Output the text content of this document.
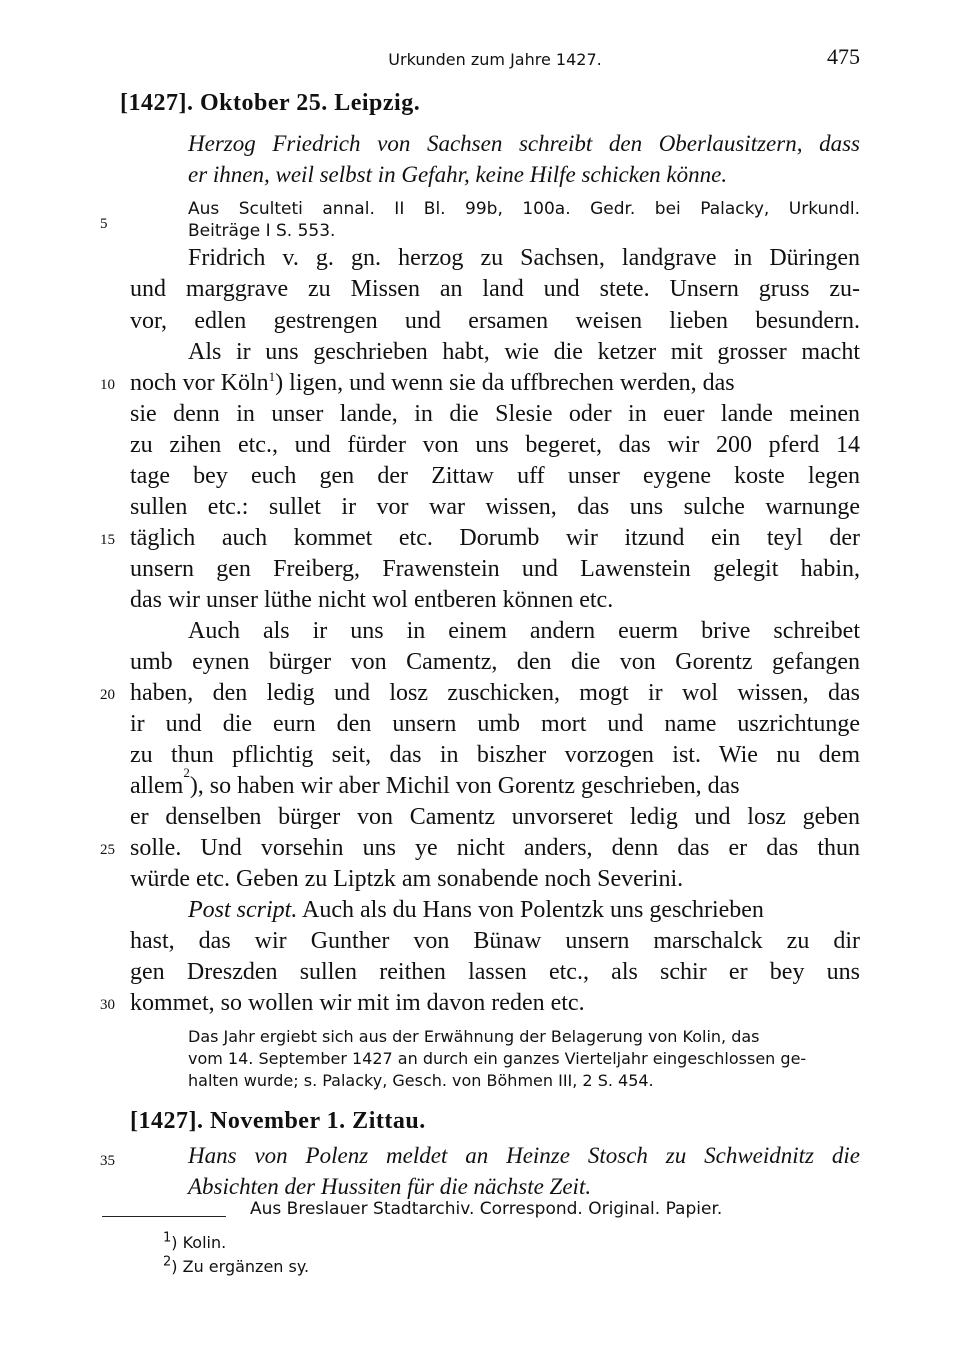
Urkunden zum Jahre 1427.	475
[1427]. Oktober 25. Leipzig.
Herzog Friedrich von Sachsen schreibt den Oberlausitzern, dass
er ihnen, weil selbst in Gefahr, keine Hilfe schicken könne.
Aus Sculteti annal. II Bl. 99b, 100a. Gedr. bei Palacky, Urkundl.
Beiträge I S. 553.
5
Fridrich v. g. gn. herzog zu Sachsen, landgrave in Düringen
und marggrave zu Missen an land und stete. Unsern gruss zu-
vor, edlen gestrengen und ersamen weisen lieben besundern.
Als ir uns geschrieben habt, wie die ketzer mit grosser macht
10 noch vor Köln$^1$) ligen, und wenn sie da uffbrechen werden, das
sie denn in unser lande, in die Slesie oder in euer lande meinen
zu zihen etc., und fürder von uns begeret, das wir 200 pferd 14
tage bey euch gen der Zittaw uff unser eygene koste legen
sullen etc.: sullet ir vor war wissen, das uns sulche warnunge
15 täglich auch kommet etc. Dorumb wir itzund ein teyl der
unsern gen Freiberg, Frawenstein und Lawenstein gelegit habin,
das wir unser lüthe nicht wol entberen können etc.
Auch als ir uns in einem andern euerm brive schreibet
umb eynen bürger von Camentz, den die von Gorentz gefangen
20 haben, den ledig und losz zuschicken, mogt ir wol wissen, das
ir und die eurn den unsern umb mort und name uszrichtunge
zu thun pflichtig seit, das in biszher vorzogen ist. Wie nu dem
allem
2
), so haben wir aber Michil von Gorentz geschrieben, das
er denselben bürger von Camentz unvorseret ledig und losz geben
25 solle. Und vorsehin uns ye nicht anders, denn das er das thun
würde etc. Geben zu Liptzk am sonabende noch Severini.
Post script. Auch als du Hans von Polentzk uns geschrieben
hast, das wir Gunther von Bünaw unsern marschalck zu dir
gen Dreszden sullen reithen lassen etc., als schir er bey uns
30 kommet, so wollen wir mit im davon reden etc.
Das Jahr ergiebt sich aus der Erwähnung der Belagerung von Kolin, das
vom 14. September 1427 an durch ein ganzes Vierteljahr eingeschlossen ge-
halten wurde; s. Palacky, Gesch. von Böhmen III, 2 S. 454.
[1427]. November 1. Zittau.
35	Hans von Polenz meldet an Heinze Stosch zu Schweidnitz die
Absichten der Hussiten für die nächste Zeit.
Aus Breslauer Stadtarchiv. Correspond. Original. Papier.
$^1$) Kolin.
$^2$) Zu ergänzen sy.
